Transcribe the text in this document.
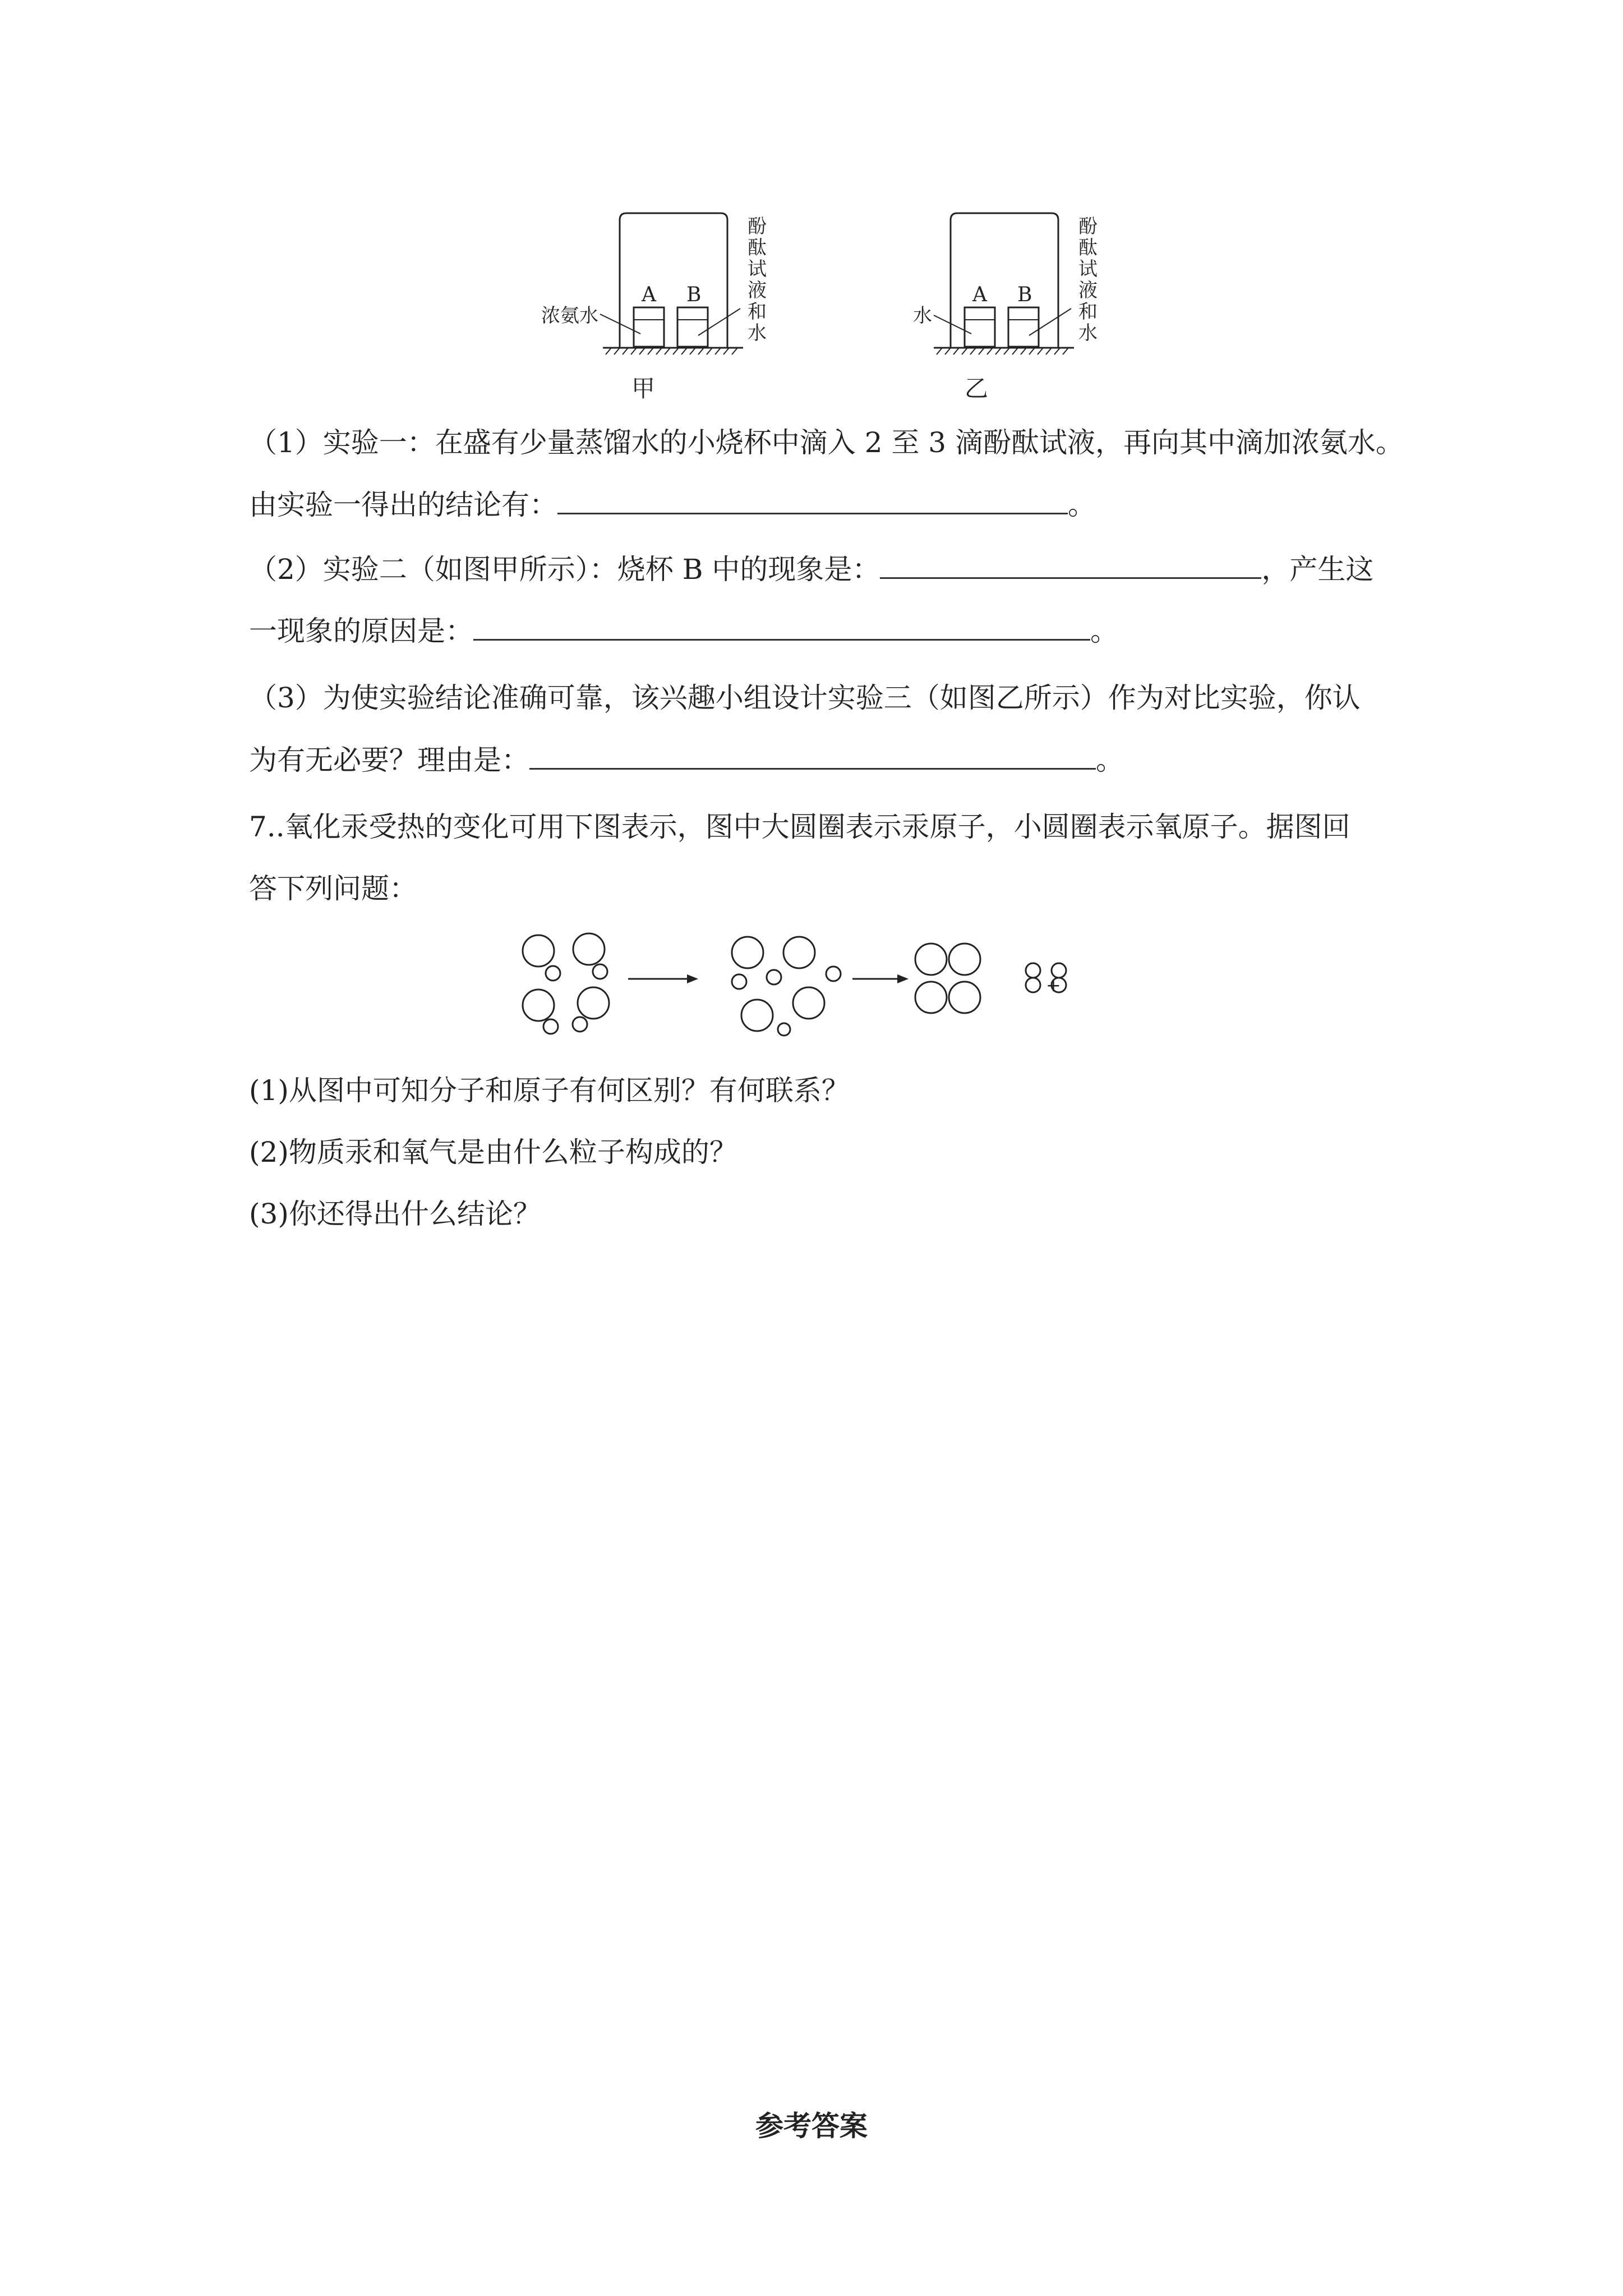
A B
浓氨水
酚
酞
试
液
和
水
甲
A B
水
酚
酞
试
液
和
水
乙
（1）实验一：在盛有少量蒸馏水的小烧杯中滴入 2 至 3 滴酚酞试液，再向其中滴加浓氨水。
由实验一得出的结论有：	。
（2）实验二（如图甲所示）：烧杯 B 中的现象是：	，产生这
一现象的原因是：	。
（3）为使实验结论准确可靠，该兴趣小组设计实验三（如图乙所示）作为对比实验，你认
为有无必要？理由是：	。
7..氧化汞受热的变化可用下图表示，图中大圆圈表示汞原子，小圆圈表示氧原子。据图回
答下列问题：
+
(1)从图中可知分子和原子有何区别？有何联系？
(2)物质汞和氧气是由什么粒子构成的？
(3)你还得出什么结论？
参考答案
